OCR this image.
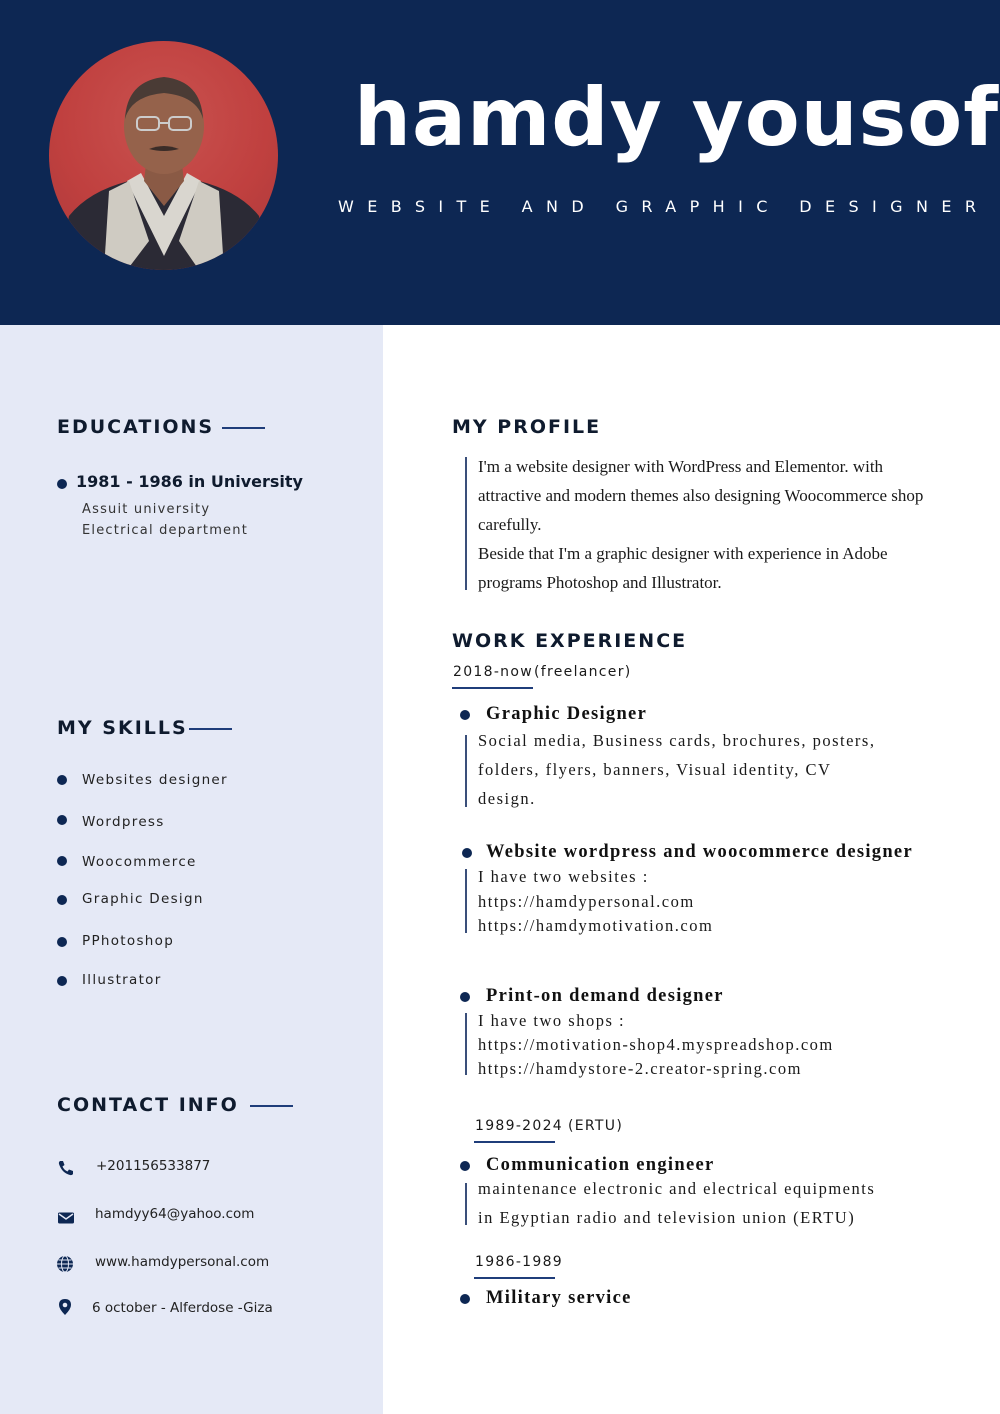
hamdy yousof
WEBSITE AND GRAPHIC DESIGNER
EDUCATIONS
1981 - 1986 in University
Assuit university
Electrical department
MY SKILLS
Websites designer
Wordpress
Woocommerce
Graphic Design
PPhotoshop
Illustrator
CONTACT INFO
+201156533877
hamdyy64@yahoo.com
www.hamdypersonal.com
6 october - Alferdose -Giza
MY PROFILE
I'm a website designer with WordPress and Elementor. with
attractive and modern themes also designing Woocommerce shop
carefully.
Beside that I'm a graphic designer with experience in Adobe
programs Photoshop and Illustrator.
WORK EXPERIENCE
2018-now (freelancer)
Graphic Designer
Social media, Business cards, brochures, posters,
folders, flyers, banners, Visual identity, CV
design.
Website wordpress and woocommerce designer
I have two websites :
https://hamdypersonal.com
https://hamdymotivation.com
Print-on demand designer
I have two shops :
https://motivation-shop4.myspreadshop.com
https://hamdystore-2.creator-spring.com
1989-2024 (ERTU)
Communication engineer
maintenance electronic and electrical equipments
in Egyptian radio and television union (ERTU)
1986-1989
Military service
